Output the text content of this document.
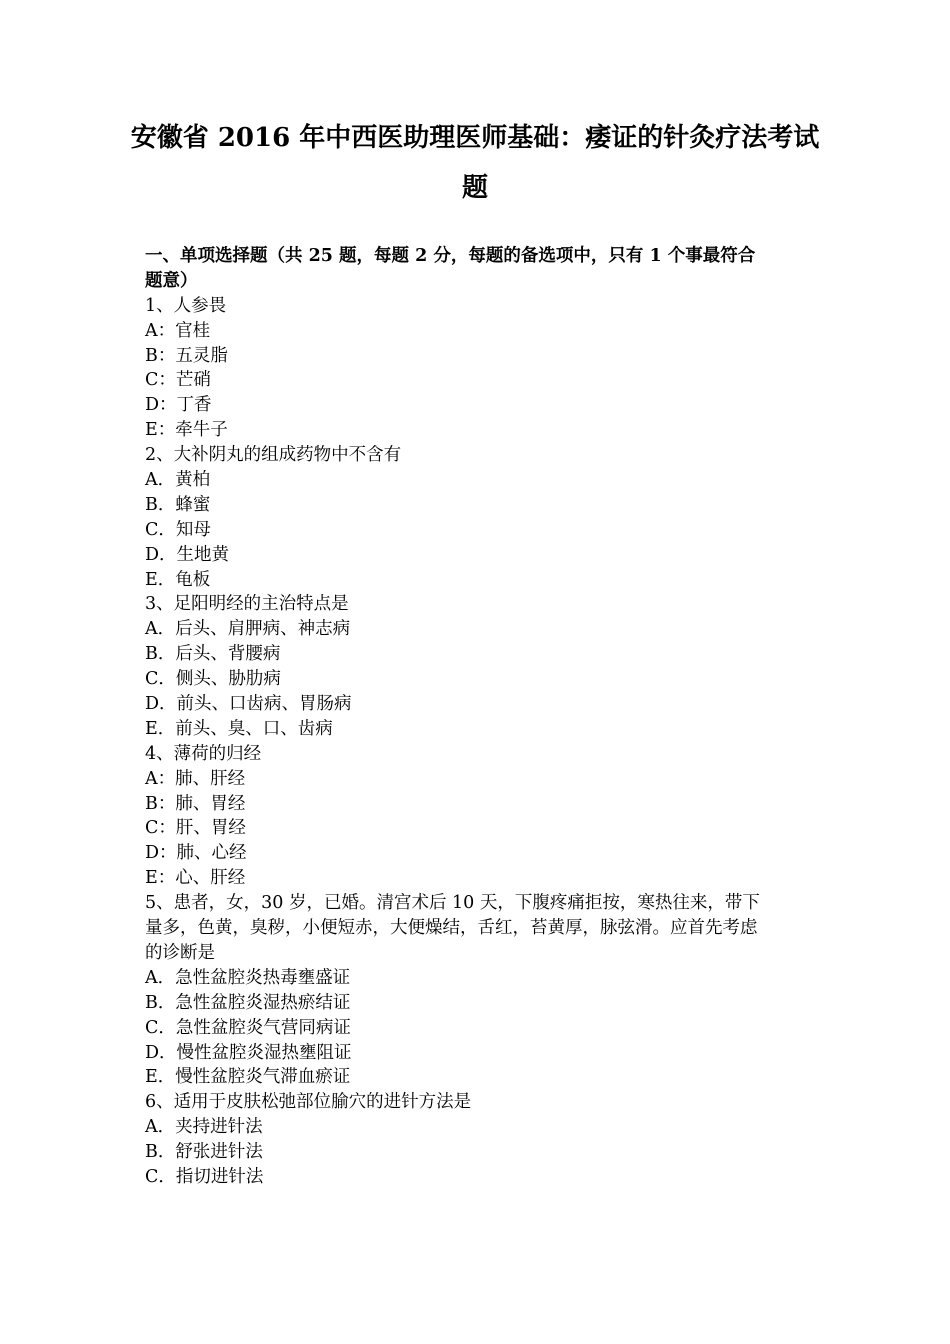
安徽省 2016 年中西医助理医师基础：痿证的针灸疗法考试
题
一、单项选择题（共 25 题，每题 2 分，每题的备选项中，只有 1 个事最符合
题意）
1、人参畏
A：官桂
B：五灵脂
C：芒硝
D：丁香
E：牵牛子
2、大补阴丸的组成药物中不含有
A．黄柏
B．蜂蜜
C．知母
D．生地黄
E．龟板
3、足阳明经的主治特点是
A．后头、肩胛病、神志病
B．后头、背腰病
C．侧头、胁肋病
D．前头、口齿病、胃肠病
E．前头、臭、口、齿病
4、薄荷的归经
A：肺、肝经
B：肺、胃经
C：肝、胃经
D：肺、心经
E：心、肝经
5、患者，女，30 岁，已婚。清宫术后 10 天，下腹疼痛拒按，寒热往来，带下
量多，色黄，臭秽，小便短赤，大便燥结，舌红，苔黄厚，脉弦滑。应首先考虑
的诊断是
A．急性盆腔炎热毒壅盛证
B．急性盆腔炎湿热瘀结证
C．急性盆腔炎气营同病证
D．慢性盆腔炎湿热壅阻证
E．慢性盆腔炎气滞血瘀证
6、适用于皮肤松弛部位腧穴的进针方法是
A．夹持进针法
B．舒张进针法
C．指切进针法
